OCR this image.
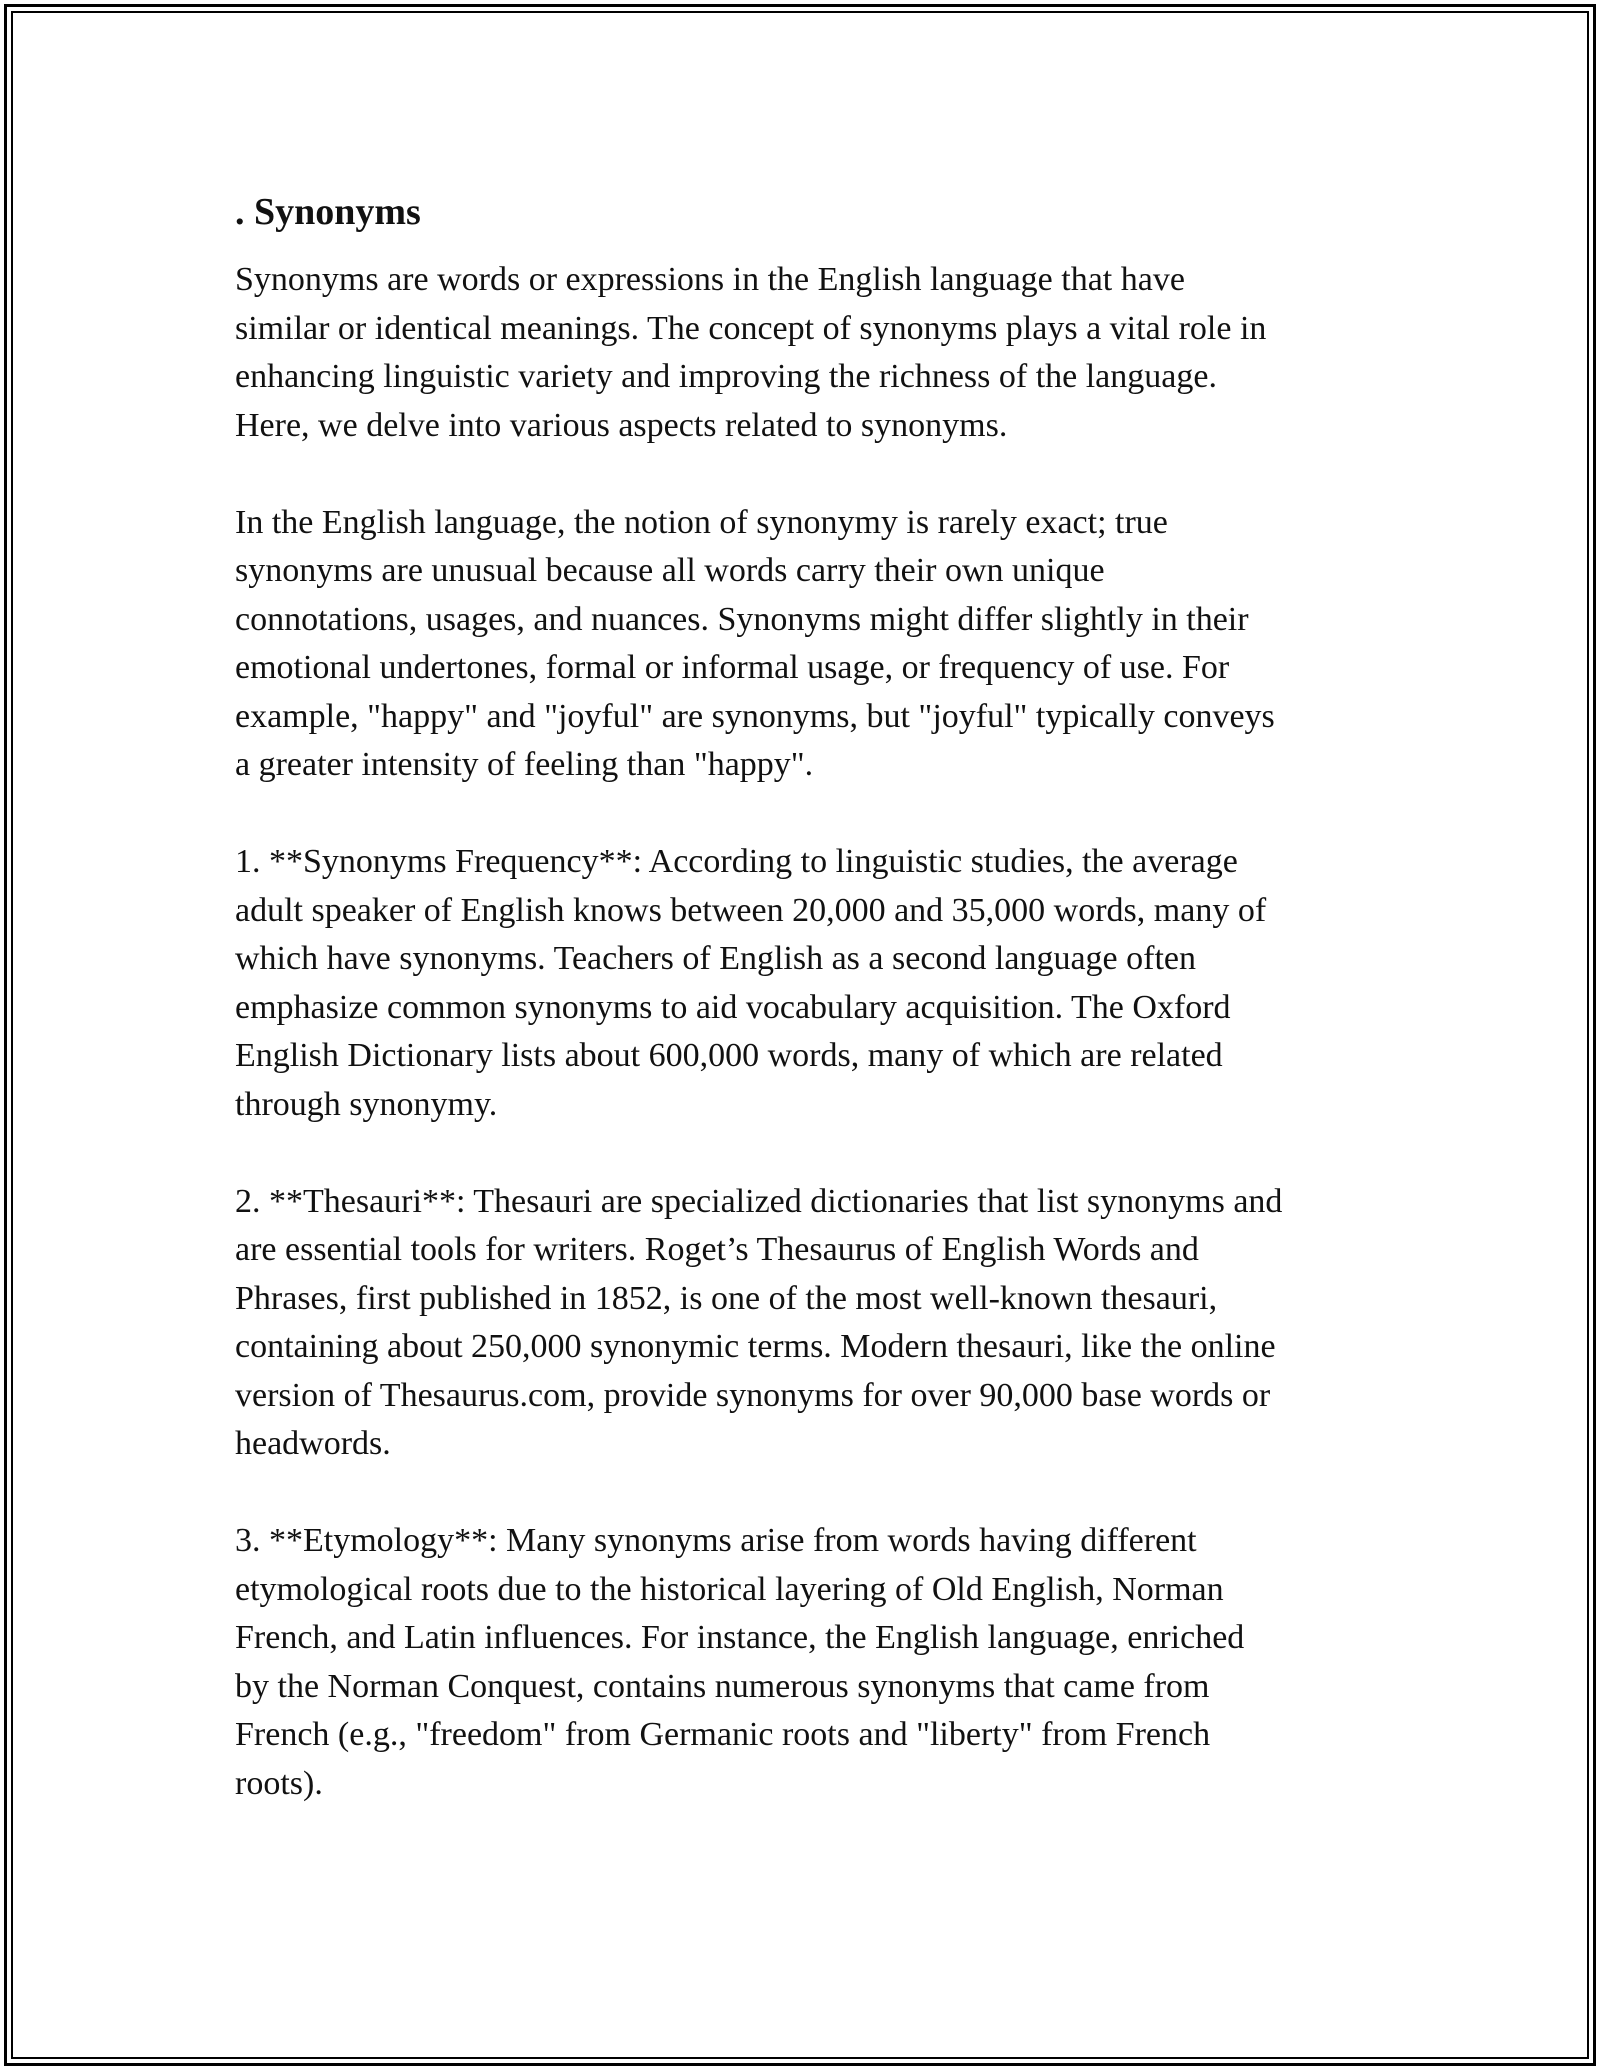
. Synonyms

Synonyms are words or expressions in the English language that have
similar or identical meanings. The concept of synonyms plays a vital role in
enhancing linguistic variety and improving the richness of the language.
Here, we delve into various aspects related to synonyms.

In the English language, the notion of synonymy is rarely exact; true
synonyms are unusual because all words carry their own unique
connotations, usages, and nuances. Synonyms might differ slightly in their
emotional undertones, formal or informal usage, or frequency of use. For
example, "happy" and "joyful" are synonyms, but "joyful" typically conveys
a greater intensity of feeling than "happy".

1. **Synonyms Frequency**: According to linguistic studies, the average
adult speaker of English knows between 20,000 and 35,000 words, many of
which have synonyms. Teachers of English as a second language often
emphasize common synonyms to aid vocabulary acquisition. The Oxford
English Dictionary lists about 600,000 words, many of which are related
through synonymy.

2. **Thesauri**: Thesauri are specialized dictionaries that list synonyms and
are essential tools for writers. Roget’s Thesaurus of English Words and
Phrases, first published in 1852, is one of the most well-known thesauri,
containing about 250,000 synonymic terms. Modern thesauri, like the online
version of Thesaurus.com, provide synonyms for over 90,000 base words or
headwords.

3. **Etymology**: Many synonyms arise from words having different
etymological roots due to the historical layering of Old English, Norman
French, and Latin influences. For instance, the English language, enriched
by the Norman Conquest, contains numerous synonyms that came from
French (e.g., "freedom" from Germanic roots and "liberty" from French
roots).
